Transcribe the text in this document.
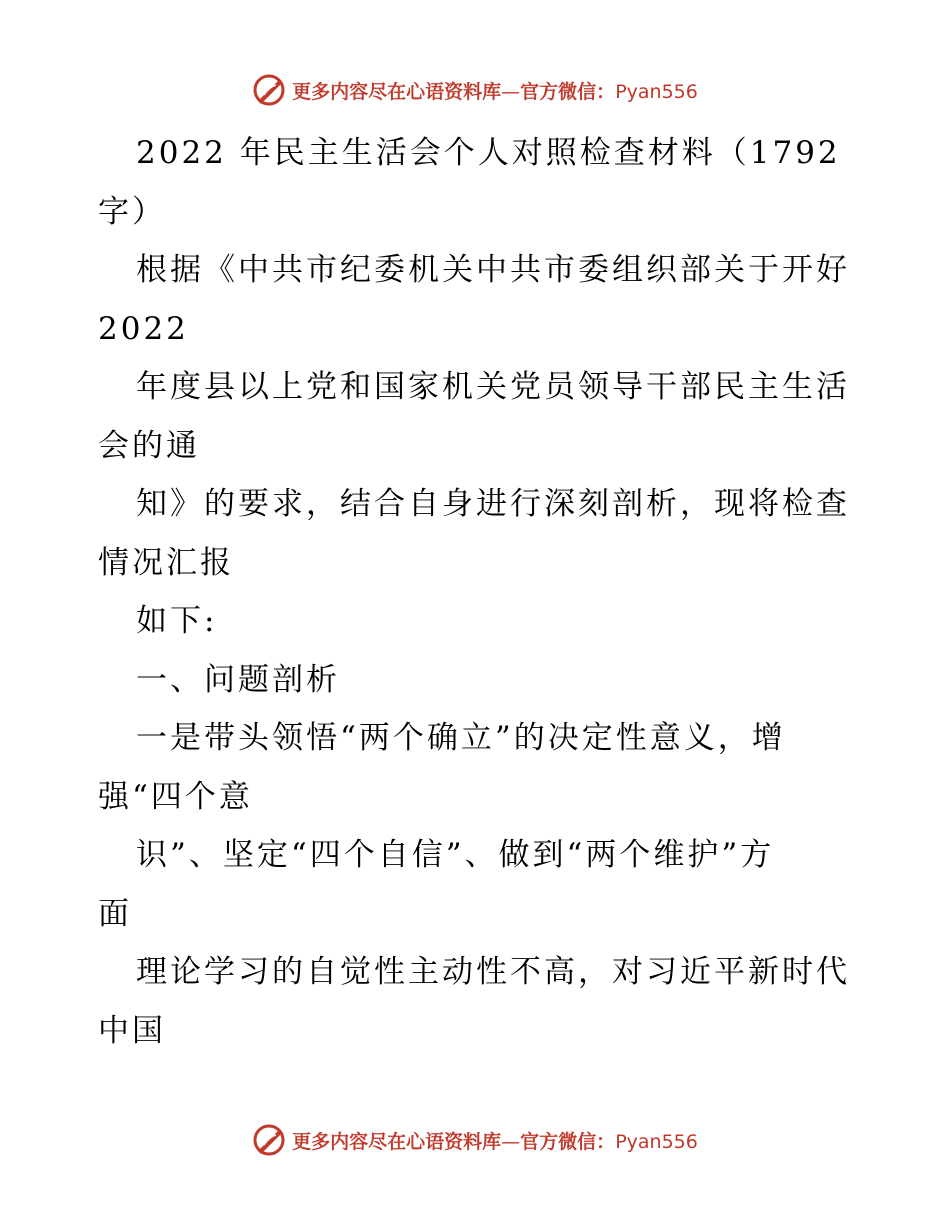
更多内容尽在心语资料库—官方微信：Pyan556
2022 年民主生活会个人对照检查材料（1792
字）
根据《中共市纪委机关中共市委组织部关于开好
2022
年度县以上党和国家机关党员领导干部民主生活
会的通
知》的要求，结合自身进行深刻剖析，现将检查
情况汇报
如下:
一、问题剖析
一是带头领悟“两个确立”的决定性意义，增
强“四个意
识”、坚定“四个自信”、做到“两个维护”方
面
理论学习的自觉性主动性不高，对习近平新时代
中国
更多内容尽在心语资料库—官方微信：Pyan556
